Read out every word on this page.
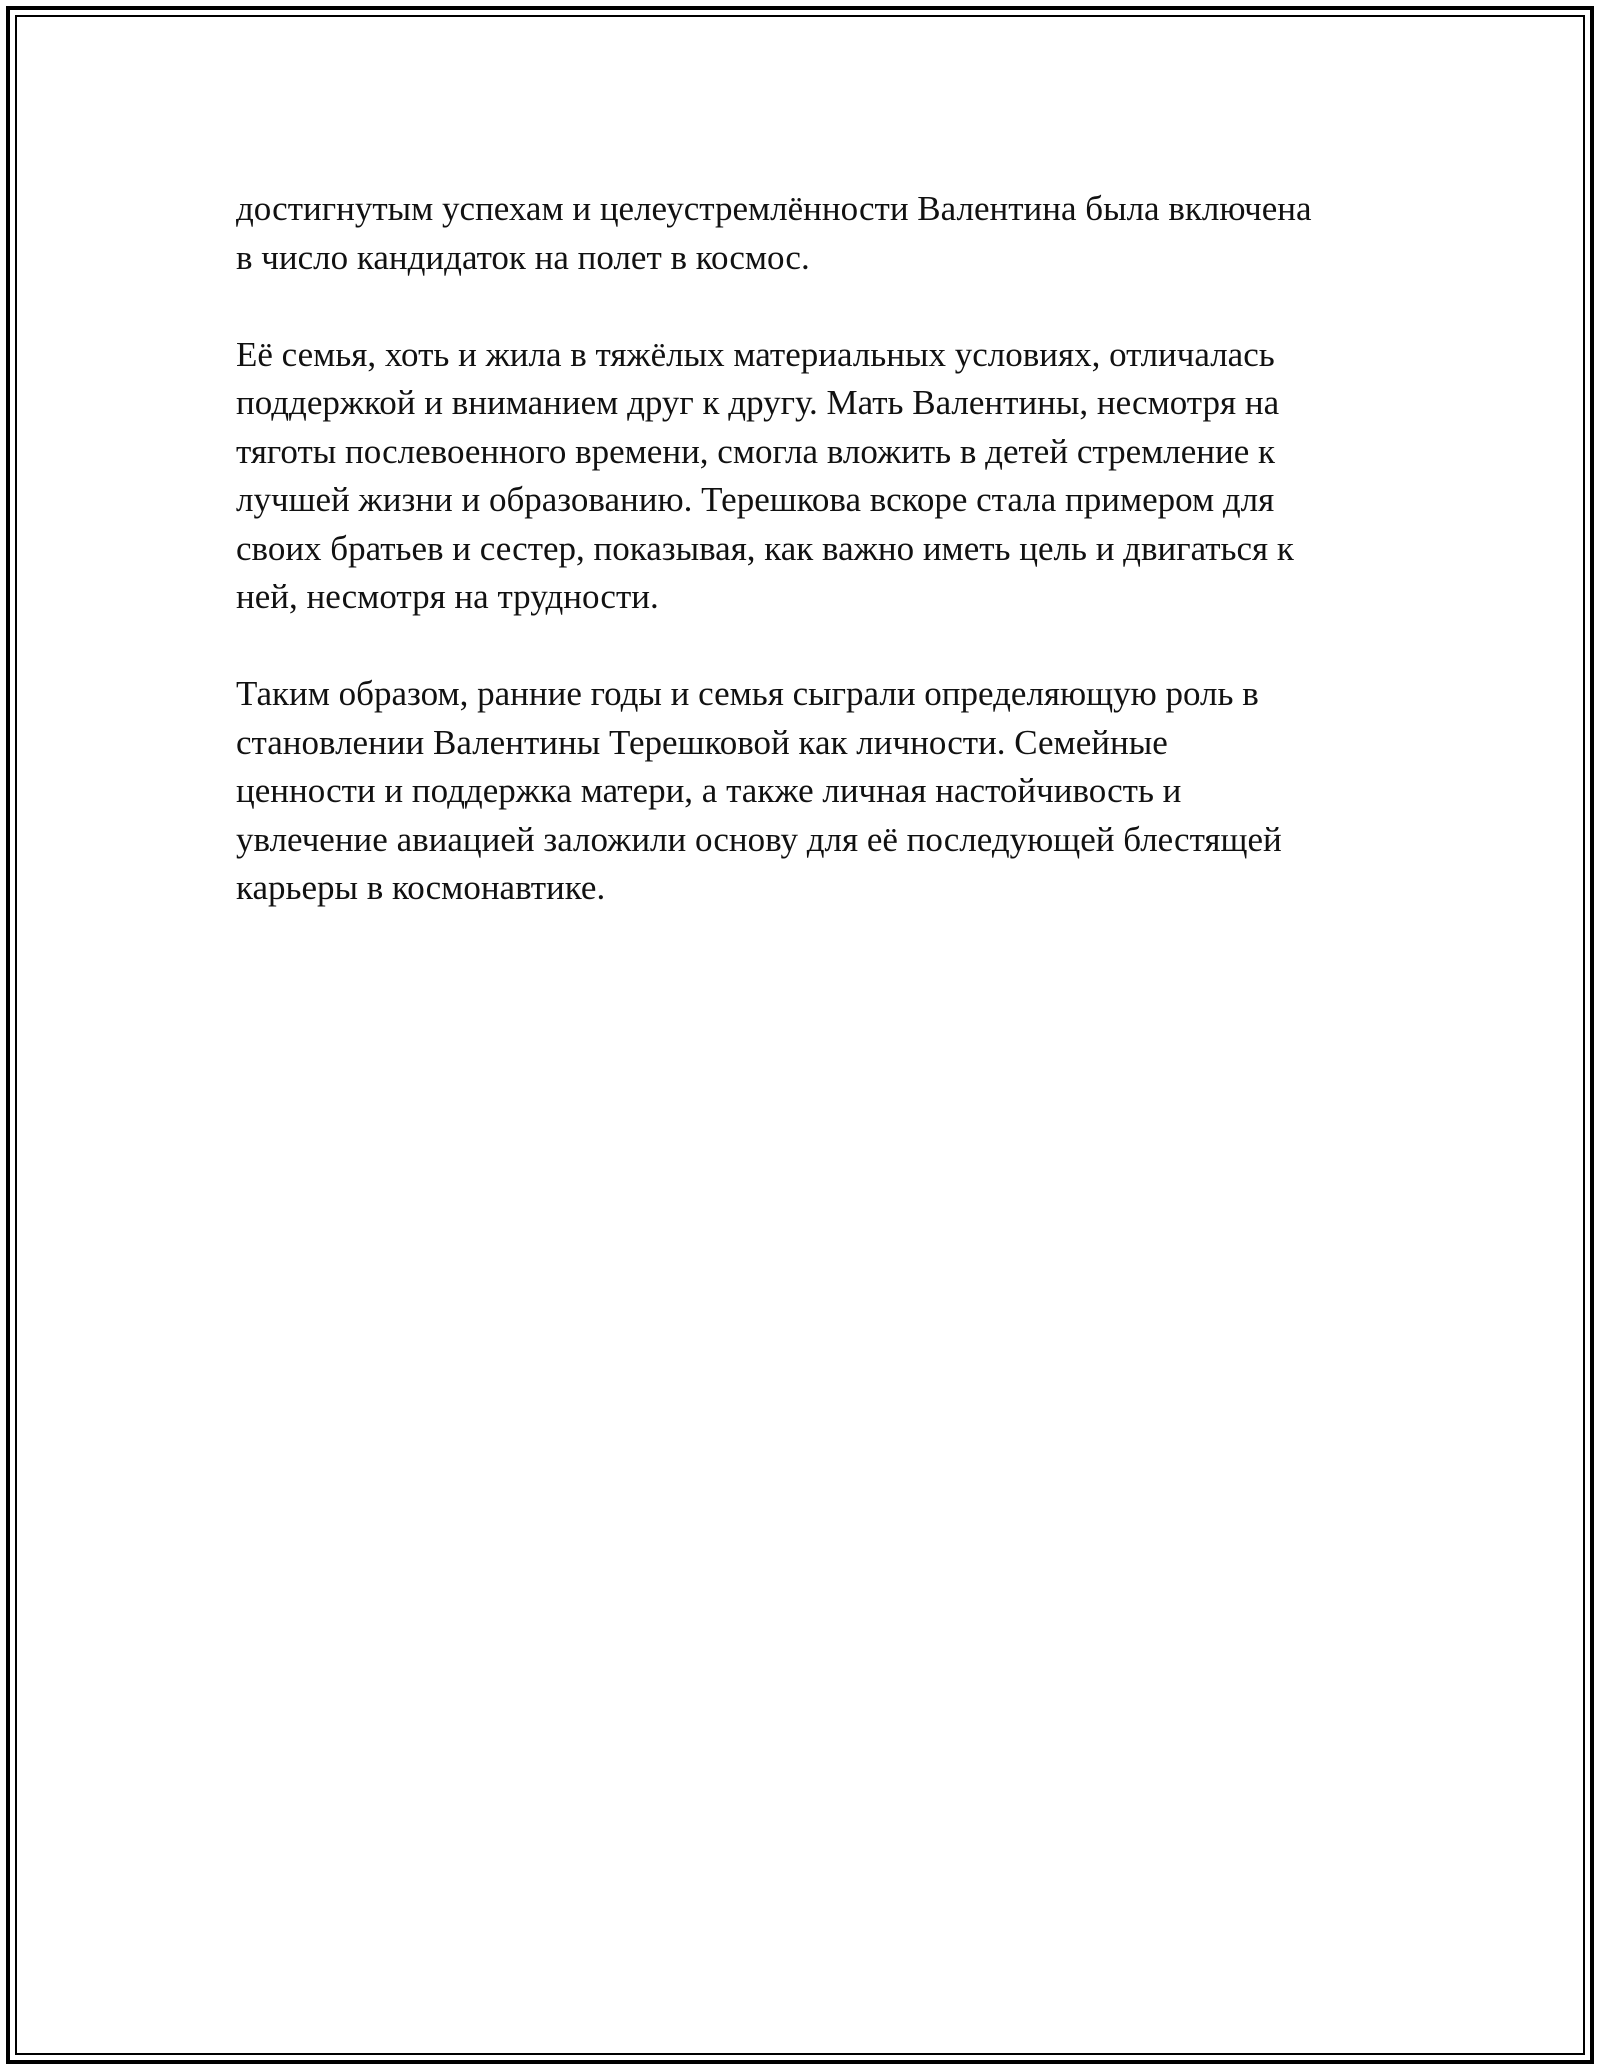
достигнутым успехам и целеустремлённости Валентина была включена
в число кандидаток на полет в космос.

Её семья, хоть и жила в тяжёлых материальных условиях, отличалась
поддержкой и вниманием друг к другу. Мать Валентины, несмотря на
тяготы послевоенного времени, смогла вложить в детей стремление к
лучшей жизни и образованию. Терешкова вскоре стала примером для
своих братьев и сестер, показывая, как важно иметь цель и двигаться к
ней, несмотря на трудности.

Таким образом, ранние годы и семья сыграли определяющую роль в
становлении Валентины Терешковой как личности. Семейные
ценности и поддержка матери, а также личная настойчивость и
увлечение авиацией заложили основу для её последующей блестящей
карьеры в космонавтике.
